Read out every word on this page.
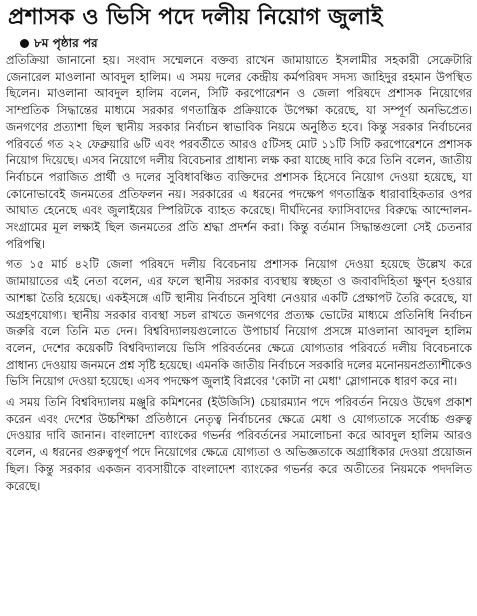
প্রশাসক ও ভিসি পদে দলীয় নিয়োগ জুলাই
৮ম পৃষ্ঠার পর

প্রতিক্রিয়া জানানো হয়। সংবাদ সম্মেলনে বক্তব্য রাখেন জামায়াতে ইসলামীর সহকারী সেক্রেটারি জেনারেল মাওলানা আবদুল হালিম। এ সময় দলের কেন্দ্রীয় কর্মপরিষদ সদস্য জাহিদুর রহমান উপস্থিত ছিলেন। মাওলানা আবদুল হালিম বলেন, সিটি করপোরেশন ও জেলা পরিষদে প্রশাসক নিয়োগের সাম্প্রতিক সিদ্ধান্তের মাধ্যমে সরকার গণতান্ত্রিক প্রক্রিয়াকে উপেক্ষা করেছে, যা সম্পূর্ণ অনভিপ্রেত। জনগণের প্রত্যাশা ছিল স্থানীয় সরকার নির্বাচন স্বাভাবিক নিয়মে অনুষ্ঠিত হবে। কিন্তু সরকার নির্বাচনের পরিবর্তে গত ২২ ফেব্রুয়ারি ৬টি এবং পরবর্তীতে আরও ৫টিসহ মোট ১১টি সিটি করপোরেশনে প্রশাসক নিয়োগ দিয়েছে। এসব নিয়োগে দলীয় বিবেচনার প্রাধান্য লক্ষ করা যাচ্ছে দাবি করে তিনি বলেন, জাতীয় নির্বাচনে পরাজিত প্রার্থী ও দলের সুবিধাবঞ্চিত ব্যক্তিদের প্রশাসক হিসেবে নিয়োগ দেওয়া হয়েছে, যা কোনোভাবেই জনমতের প্রতিফলন নয়। সরকারের এ ধরনের পদক্ষেপ গণতান্ত্রিক ধারাবাহিকতার ওপর আঘাত হেনেছে এবং জুলাইয়ের স্পিরিটকে ব্যাহত করেছে। দীর্ঘদিনের ফ্যাসিবাদের বিরুদ্ধে আন্দোলন-সংগ্রামের মূল লক্ষ্যই ছিল জনমতের প্রতি শ্রদ্ধা প্রদর্শন করা। কিন্তু বর্তমান সিদ্ধান্তগুলো সেই চেতনার পরিপন্থি।

গত ১৫ মার্চ ৪২টি জেলা পরিষদে দলীয় বিবেচনায় প্রশাসক নিয়োগ দেওয়া হয়েছে উল্লেখ করে জামায়াতের এই নেতা বলেন, এর ফলে স্থানীয় সরকার ব্যবস্থায় স্বচ্ছতা ও জবাবদিহিতা ক্ষুণ্ন হওয়ার আশঙ্কা তৈরি হয়েছে। একইসঙ্গে এটি স্থানীয় নির্বাচনে সুবিধা নেওয়ার একটি প্রেক্ষাপট তৈরি করেছে, যা অগ্রহণযোগ্য। স্থানীয় সরকার ব্যবস্থা সচল রাখতে জনগণের প্রত্যক্ষ ভোটের মাধ্যমে প্রতিনিধি নির্বাচন জরুরি বলে তিনি মত দেন। বিশ্ববিদ্যালয়গুলোতে উপাচার্য নিয়োগ প্রসঙ্গে মাওলানা আবদুল হালিম বলেন, দেশের কয়েকটি বিশ্ববিদ্যালয়ে ভিসি পরিবর্তনের ক্ষেত্রে যোগ্যতার পরিবর্তে দলীয় বিবেচনাকে প্রাধান্য দেওয়ায় জনমনে প্রশ্ন সৃষ্টি হয়েছে। এমনকি জাতীয় নির্বাচনে সরকারি দলের মনোনয়নপ্রত্যাশীকেও ভিসি নিয়োগ দেওয়া হয়েছে। এসব পদক্ষেপ জুলাই বিপ্লবের 'কোটা না মেধা' স্লোগানকে ধারণ করে না।

এ সময় তিনি বিশ্ববিদ্যালয় মঞ্জুরি কমিশনের (ইউজিসি) চেয়ারম্যান পদে পরিবর্তন নিয়েও উদ্বেগ প্রকাশ করেন এবং দেশের উচ্চশিক্ষা প্রতিষ্ঠানে নেতৃত্ব নির্বাচনের ক্ষেত্রে মেধা ও যোগ্যতাকে সর্বোচ্চ গুরুত্ব দেওয়ার দাবি জানান। বাংলাদেশ ব্যাংকের গভর্নর পরিবর্তনের সমালোচনা করে আবদুল হালিম আরও বলেন, এ ধরনের গুরুত্বপূর্ণ পদে নিয়োগের ক্ষেত্রে যোগ্যতা ও অভিজ্ঞতাকে অগ্রাধিকার দেওয়া প্রয়োজন ছিল। কিন্তু সরকার একজন ব্যবসায়ীকে বাংলাদেশ ব্যাংকের গভর্নর করে অতীতের নিয়মকে পদদলিত করেছে।
